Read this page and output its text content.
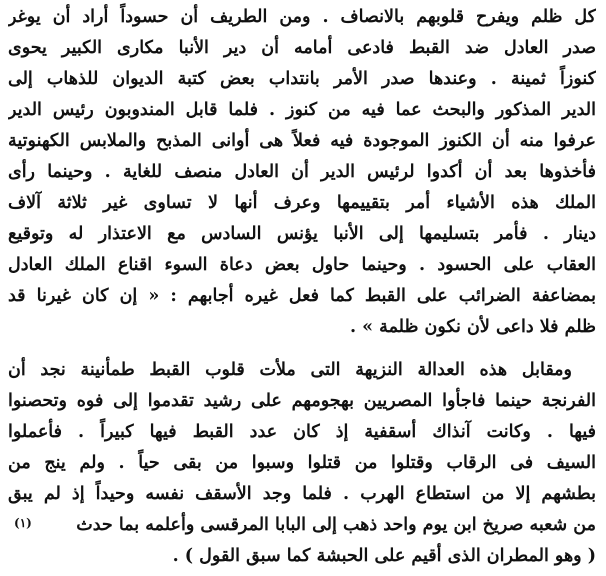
كل ظلم ويفرح قلوبهم بالانصاف . ومن الطريف أن حسوداً أراد أن يوغر
صدر العادل ضد القبط فادعى أمامه أن دير الأنبا مكارى الكبير يحوى
كنوزاً ثمينة . وعندها صدر الأمر بانتداب بعض كتبة الديوان للذهاب إلى
الدير المذكور والبحث عما فيه من كنوز . فلما قابل المندوبون رئيس الدير
عرفوا منه أن الكنوز الموجودة فيه فعلاً هى أوانى المذبح والملابس الكهنوتية
فأخذوها بعد أن أكدوا لرئيس الدير أن العادل منصف للغاية . وحينما رأى
الملك هذه الأشياء أمر بتقييمها وعرف أنها لا تساوى غير ثلاثة آلاف
دينار . فأمر بتسليمها إلى الأنبا يؤنس السادس مع الاعتذار له وتوقيع
العقاب على الحسود . وحينما حاول بعض دعاة السوء اقناع الملك العادل
بمضاعفة الضرائب على القبط كما فعل غيره أجابهم : « إن كان غيرنا قد
ظلم فلا داعى لأن نكون ظلمة » .
ومقابل هذه العدالة النزيهة التى ملأت قلوب القبط طمأنينة نجد أن
الفرنجة حينما فاجأوا المصريين بهجومهم على رشيد تقدموا إلى فوه وتحصنوا
فيها . وكانت آنذاك أسقفية إذ كان عدد القبط فيها كبيراً . فأعملوا
السيف فى الرقاب وقتلوا من قتلوا وسبوا من بقى حياً . ولم ينج من
بطشهم إلا من استطاع الهرب . فلما وجد الأسقف نفسه وحيداً إذ لم يبق
من شعبه صريخ ابن يوم واحد ذهب إلى البابا المرقسى وأعلمه بما حدث
( وهو المطران الذى أقيم على الحبشة كما سبق القول ) .
(١)
